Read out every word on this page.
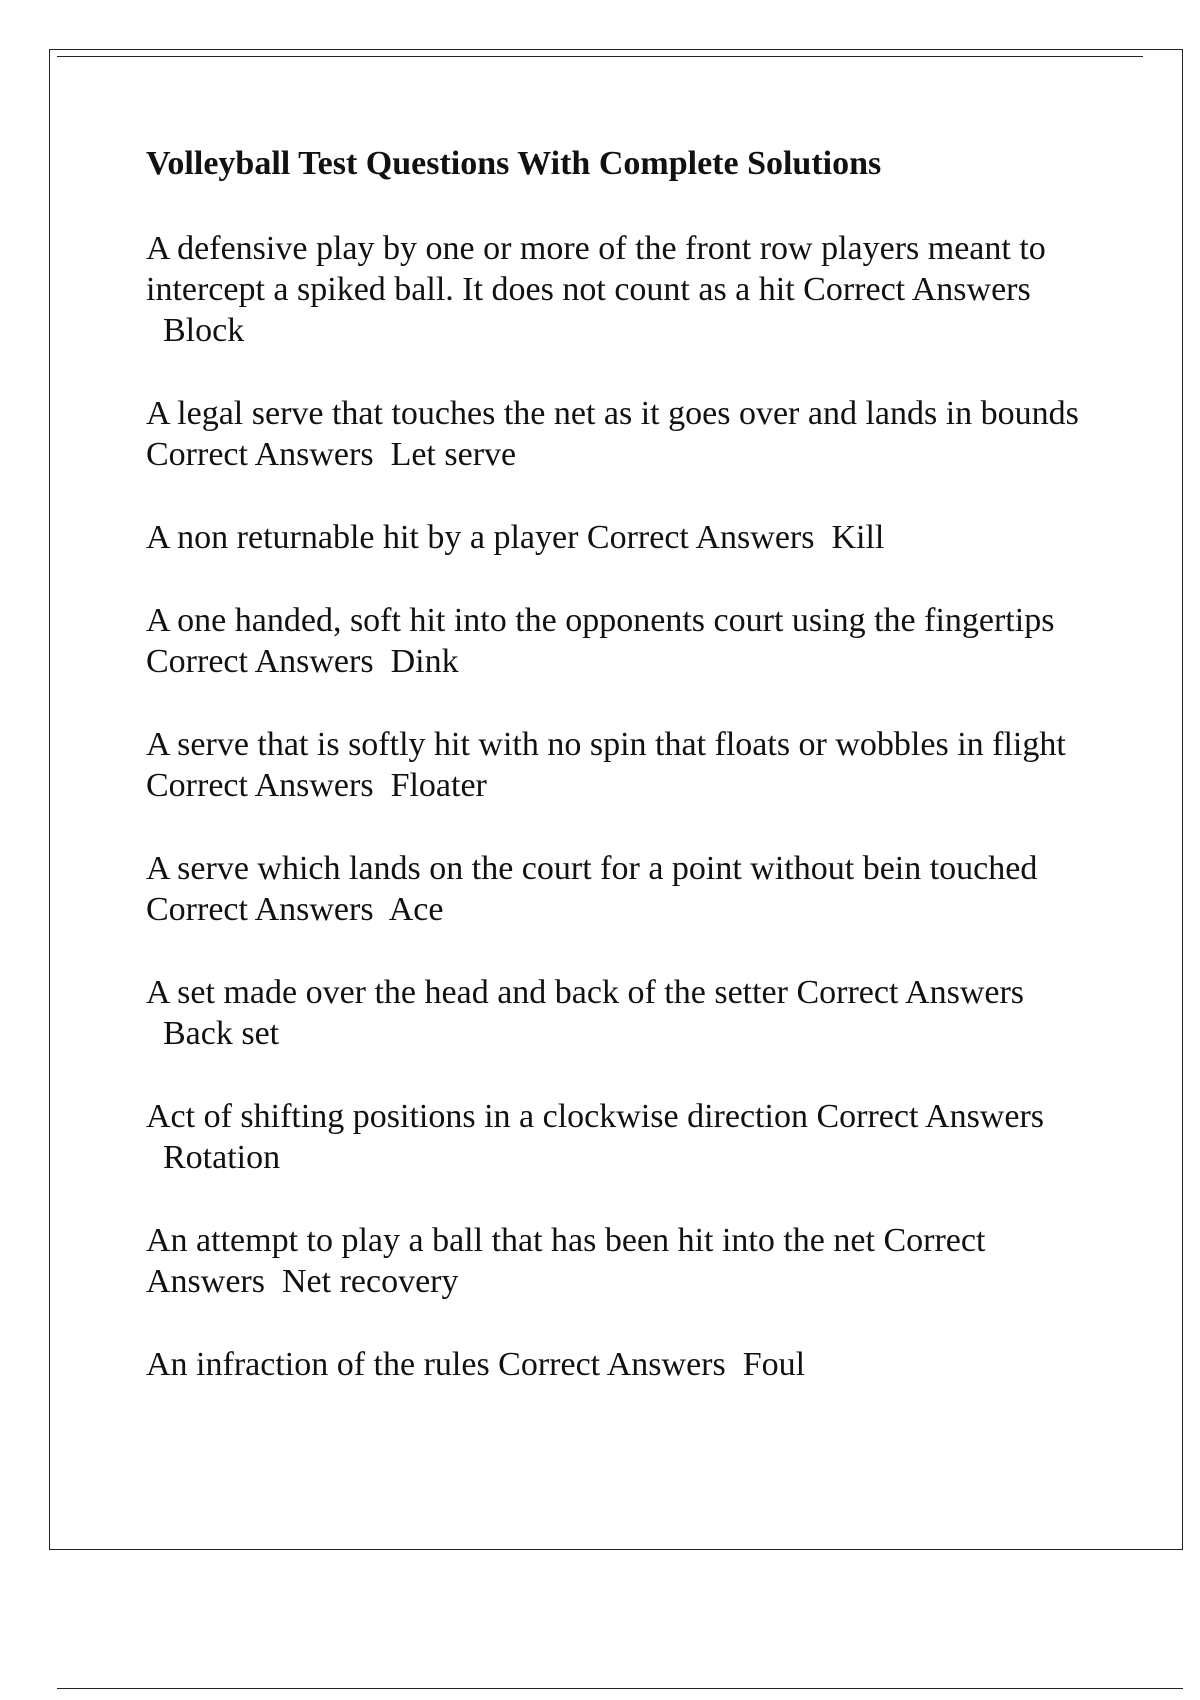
Volleyball Test Questions With Complete Solutions
A defensive play by one or more of the front row players meant to intercept a spiked ball. It does not count as a hit Correct Answers  Block
A legal serve that touches the net as it goes over and lands in bounds Correct Answers Let serve
A non returnable hit by a player Correct Answers Kill
A one handed, soft hit into the opponents court using the fingertips Correct Answers Dink
A serve that is softly hit with no spin that floats or wobbles in flight Correct Answers Floater
A serve which lands on the court for a point without bein touched Correct Answers Ace
A set made over the head and back of the setter Correct Answers  Back set
Act of shifting positions in a clockwise direction Correct Answers  Rotation
An attempt to play a ball that has been hit into the net Correct Answers Net recovery
An infraction of the rules Correct Answers Foul
